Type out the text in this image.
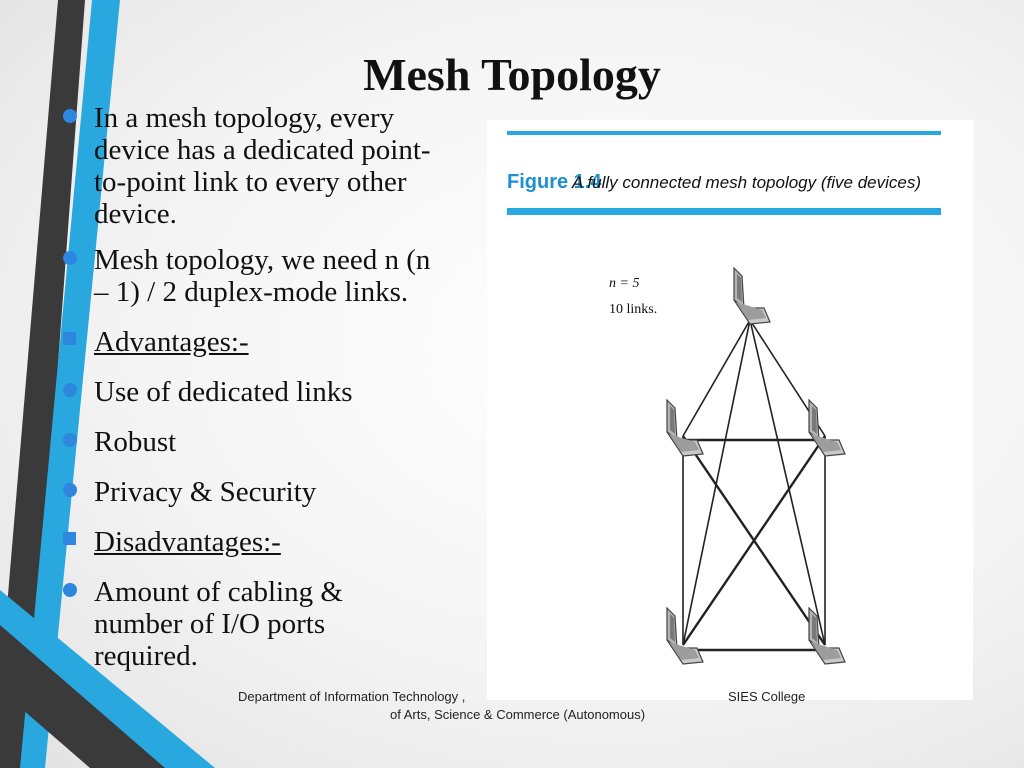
Mesh Topology
In a mesh topology, every
device has a dedicated point-
to-point link to every other
device.
Mesh topology, we need n (n
– 1) / 2 duplex-mode links.
Advantages:-
Use of dedicated links
Robust
Privacy & Security
Disadvantages:-
Amount of cabling &
number of I/O ports
required.
Figure 1.4
A fully connected mesh topology (five devices)
n = 5
10 links.
Department of Information Technology ,	SIES College
of Arts, Science & Commerce (Autonomous)
